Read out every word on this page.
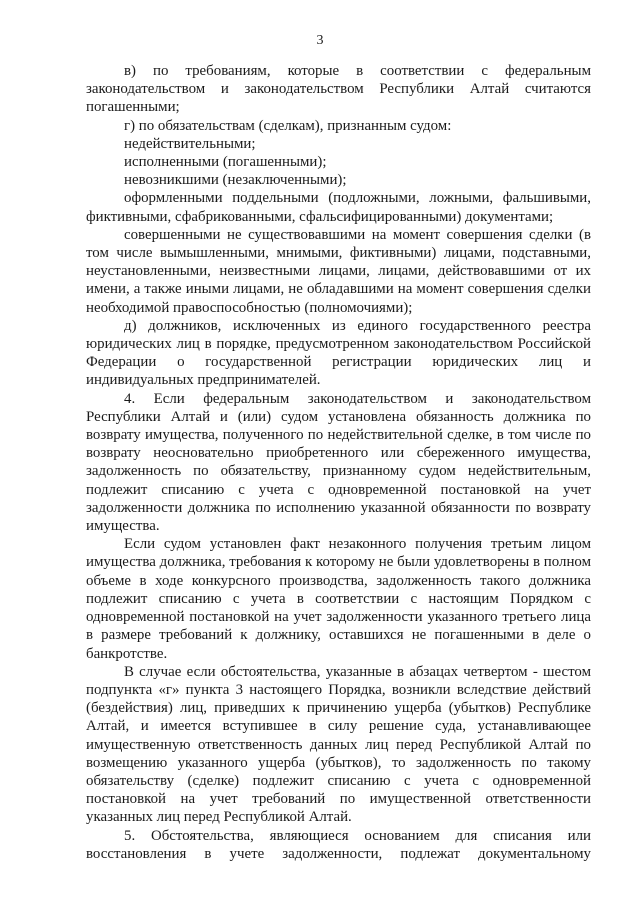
3

в) по требованиям, которые в соответствии с федеральным законодательством и законодательством Республики Алтай считаются погашенными;

г) по обязательствам (сделкам), признанным судом:

недействительными;

исполненными (погашенными);

невозникшими (незаключенными);

оформленными поддельными (подложными, ложными, фальшивыми, фиктивными, сфабрикованными, сфальсифицированными) документами;

совершенными не существовавшими на момент совершения сделки (в том числе вымышленными, мнимыми, фиктивными) лицами, подставными, неустановленными, неизвестными лицами, лицами, действовавшими от их имени, а также иными лицами, не обладавшими на момент совершения сделки необходимой правоспособностью (полномочиями);

д) должников, исключенных из единого государственного реестра юридических лиц в порядке, предусмотренном законодательством Российской Федерации о государственной регистрации юридических лиц и индивидуальных предпринимателей.

4. Если федеральным законодательством и законодательством Республики Алтай и (или) судом установлена обязанность должника по возврату имущества, полученного по недействительной сделке, в том числе по возврату неосновательно приобретенного или сбереженного имущества, задолженность по обязательству, признанному судом недействительным, подлежит списанию с учета с одновременной постановкой на учет задолженности должника по исполнению указанной обязанности по возврату имущества.

Если судом установлен факт незаконного получения третьим лицом имущества должника, требования к которому не были удовлетворены в полном объеме в ходе конкурсного производства, задолженность такого должника подлежит списанию с учета в соответствии с настоящим Порядком с одновременной постановкой на учет задолженности указанного третьего лица в размере требований к должнику, оставшихся не погашенными в деле о банкротстве.

В случае если обстоятельства, указанные в абзацах четвертом - шестом подпункта «г» пункта 3 настоящего Порядка, возникли вследствие действий (бездействия) лиц, приведших к причинению ущерба (убытков) Республике Алтай, и имеется вступившее в силу решение суда, устанавливающее имущественную ответственность данных лиц перед Республикой Алтай по возмещению указанного ущерба (убытков), то задолженность по такому обязательству (сделке) подлежит списанию с учета с одновременной постановкой на учет требований по имущественной ответственности указанных лиц перед Республикой Алтай.

5. Обстоятельства, являющиеся основанием для списания или восстановления в учете задолженности, подлежат документальному
